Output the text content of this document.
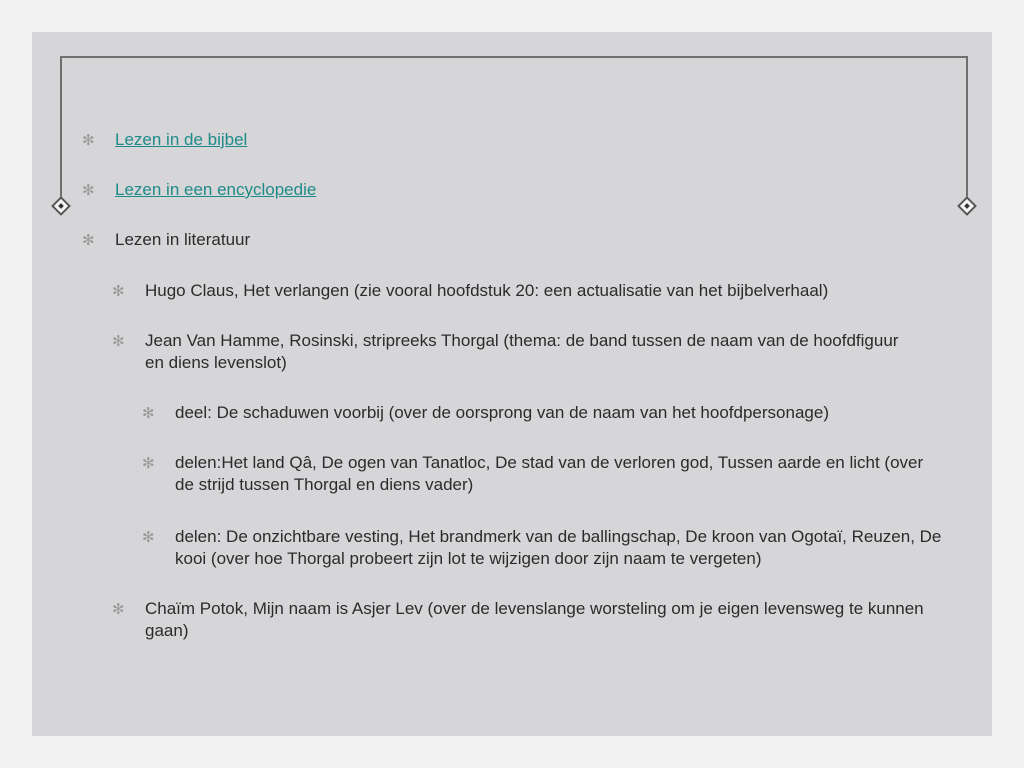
✻ Lezen in de bijbel
✻ Lezen in een encyclopedie
✻ Lezen in literatuur
✻ Hugo Claus, Het verlangen (zie vooral hoofdstuk 20: een actualisatie van het bijbelverhaal)
✻ Jean Van Hamme, Rosinski, stripreeks Thorgal (thema: de band tussen de naam van de hoofdfiguur en diens levenslot)
✻ deel: De schaduwen voorbij (over de oorsprong van de naam van het hoofdpersonage)
✻ delen:Het land Qâ, De ogen van Tanatloc, De stad van de verloren god, Tussen aarde en licht (over de strijd tussen Thorgal en diens vader)
✻ delen: De onzichtbare vesting, Het brandmerk van de ballingschap, De kroon van Ogotaï, Reuzen, De kooi (over hoe Thorgal probeert zijn lot te wijzigen door zijn naam te vergeten)
✻ Chaïm Potok, Mijn naam is Asjer Lev (over de levenslange worsteling om je eigen levensweg te kunnen gaan)
